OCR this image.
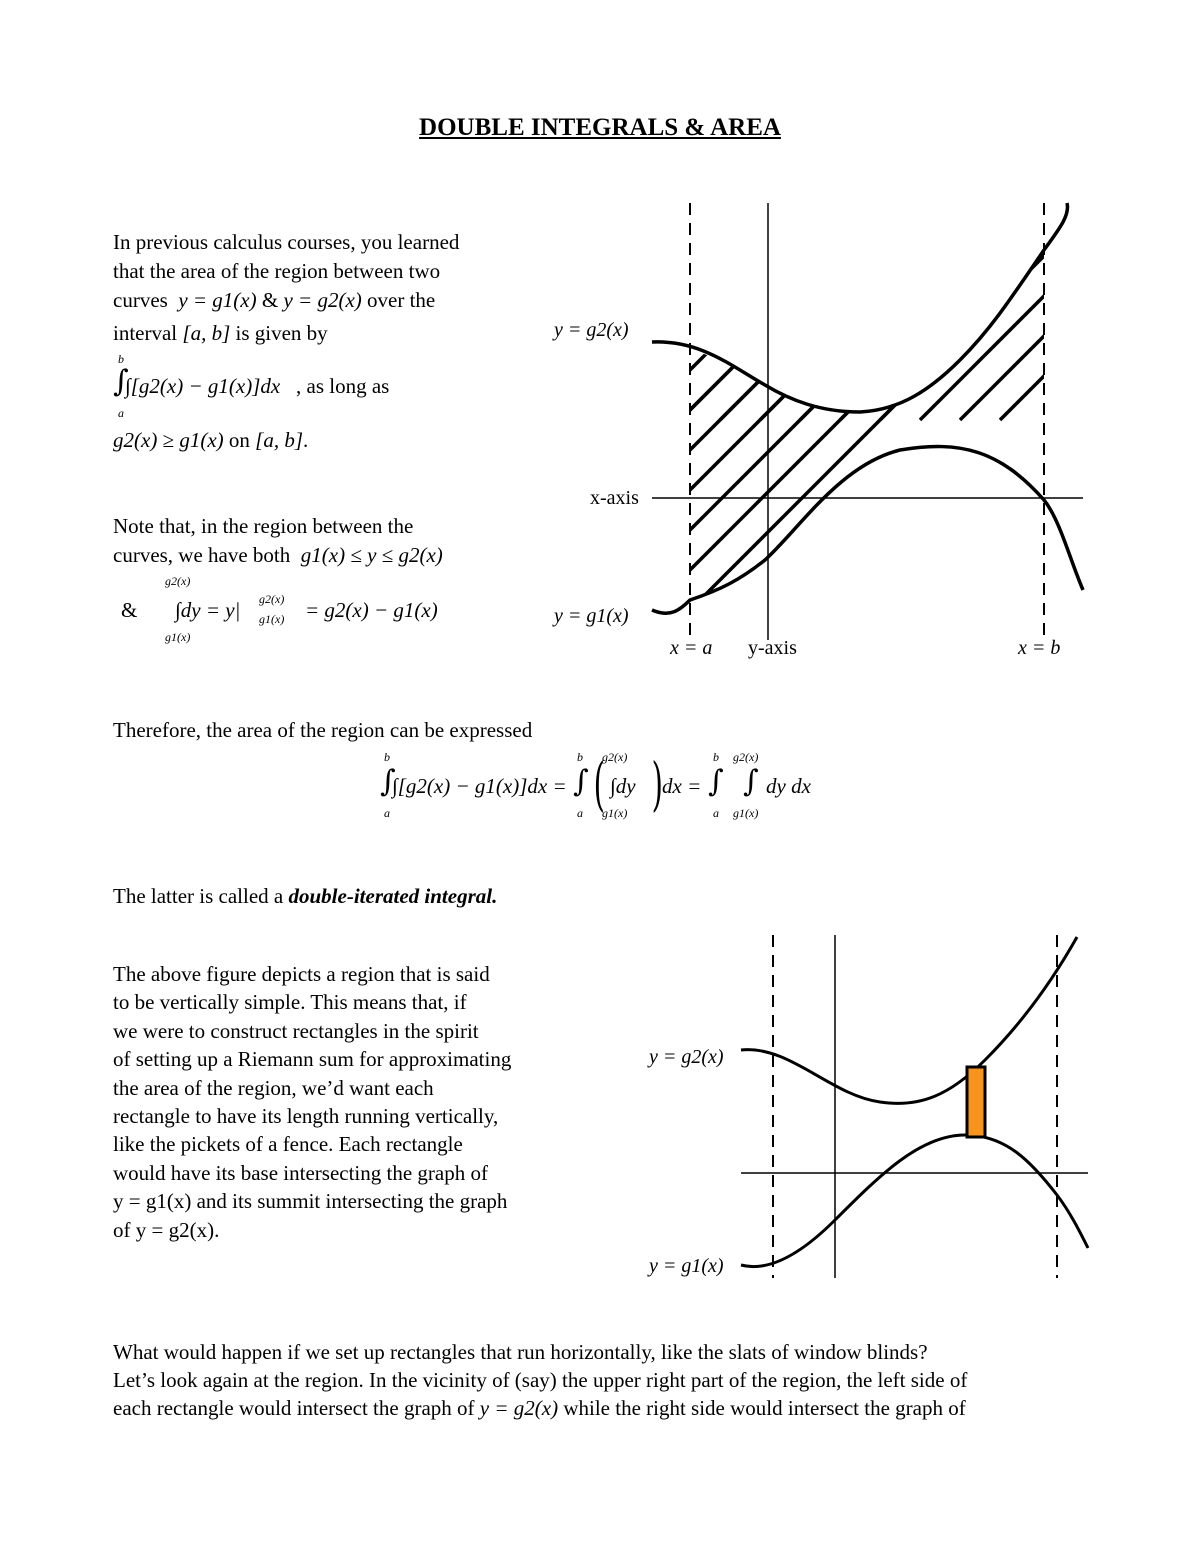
DOUBLE INTEGRALS & AREA
In previous calculus courses, you learned
that the area of the region between two
curves y = g1(x) & y = g2(x) over the
interval [a, b] is given by
b
∫
a
∫[g2(x) − g1(x)]dx , as long as
g2(x) ≥ g1(x) on [a, b].
Note that, in the region between the
curves, we have both g1(x) ≤ y ≤ g2(x)
&
g2(x)
∫dy = y|
g1(x)
g2(x)
g1(x) = g2(x) − g1(x)
y = g2(x)
y = g1(x)
x-axis
x = a y-axis	x = b
Therefore, the area of the region can be expressed
b
∫
a
∫[g2(x) − g1(x)]dx =
b
∫
a (
g2(x)
∫dy
g1(x) ) dx =
b
∫
a
g2(x)
∫
g1(x)
dy dx
The latter is called a double-iterated integral.
The above figure depicts a region that is said
to be vertically simple. This means that, if
we were to construct rectangles in the spirit
of setting up a Riemann sum for approximating
the area of the region, we’d want each
rectangle to have its length running vertically,
like the pickets of a fence. Each rectangle
would have its base intersecting the graph of
y = g1(x) and its summit intersecting the graph
of y = g2(x).
y = g2(x)
y = g1(x)
What would happen if we set up rectangles that run horizontally, like the slats of window blinds?
Let’s look again at the region. In the vicinity of (say) the upper right part of the region, the left side of
each rectangle would intersect the graph of y = g2(x) while the right side would intersect the graph of
